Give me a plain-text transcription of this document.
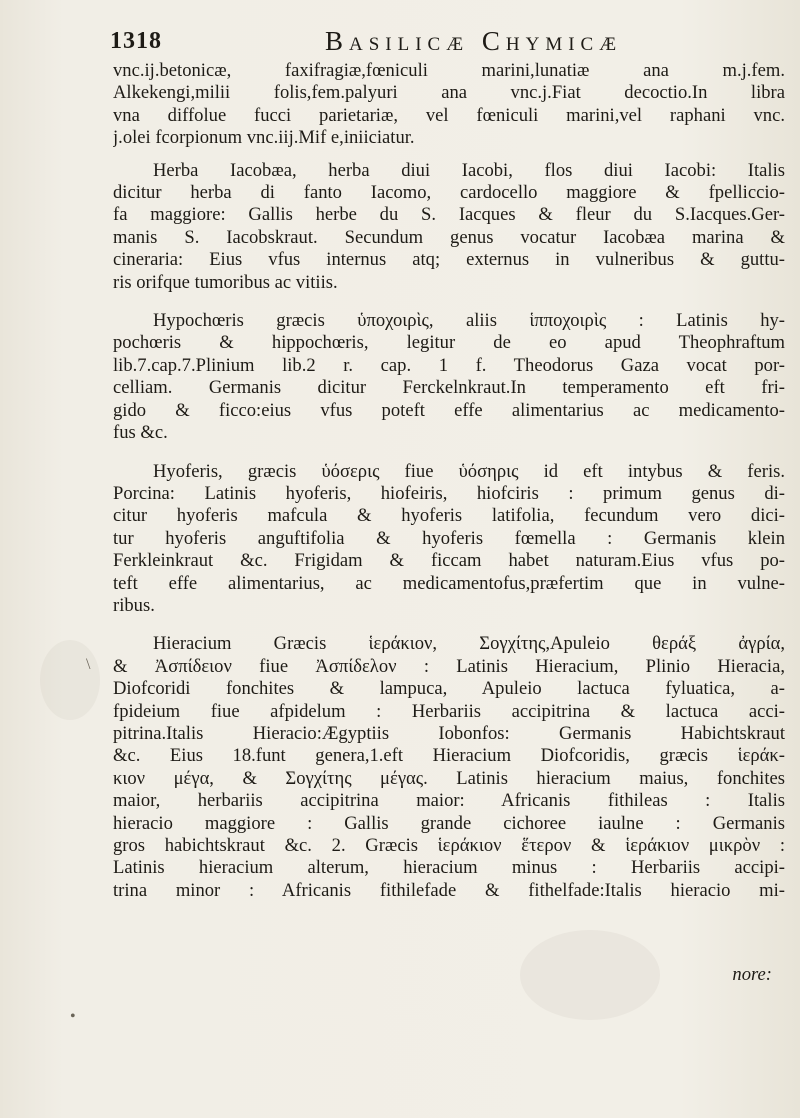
1318	Basilicæ Chymicæ

vnc.ij.betonicæ, faxifragiæ,fœniculi marini,lunatiæ ana m.j.fem.
Alkekengi,milii folis,fem.palyuri ana vnc.j.Fiat decoctio.In libra
vna diffolue fucci parietariæ, vel fœniculi marini,vel raphani vnc.
j.olei fcorpionum vnc.iij.Mif e,iniiciatur.

Herba Iacobæa, herba diui Iacobi, flos diui Iacobi: Italis
dicitur herba di fanto Iacomo, cardocello maggiore & fpelliccio-
fa maggiore: Gallis herbe du S. Iacques & fleur du S.Iacques.Ger-
manis S. Iacobskraut. Secundum genus vocatur Iacobæa marina &
cineraria: Eius vfus internus atq; externus in vulneribus & guttu-
ris orifque tumoribus ac vitiis.

Hypochœris græcis ὑποχοιρὶς, aliis ἱπποχοιρὶς : Latinis hy-
pochœris & hippochœris, legitur de eo apud Theophraftum
lib.7.cap.7.Plinium lib.2 r. cap. 1 f. Theodorus Gaza vocat por-
celliam. Germanis dicitur Ferckelnkraut.In temperamento eft fri-
gido & ficco:eius vfus poteft effe alimentarius ac medicamento-
fus &c.

Hyoferis, græcis ὑόσερις fiue ὑόσηρις id eft intybus & feris.
Porcina: Latinis hyoferis, hiofeiris, hiofciris : primum genus di-
citur hyoferis mafcula & hyoferis latifolia, fecundum vero dici-
tur hyoferis anguftifolia & hyoferis fœmella : Germanis klein
Ferkleinkraut &c. Frigidam & ficcam habet naturam.Eius vfus po-
teft effe alimentarius, ac medicamentofus,præfertim que in vulne-
ribus.

Hieracium Græcis ἱεράκιον, Σογχίτης,Apuleio θεράξ ἀγρία,
& Ἀσπίδειον fiue Ἀσπίδελον : Latinis Hieracium, Plinio Hieracia,
Diofcoridi fonchites & lampuca, Apuleio lactuca fyluatica, a-
fpideium fiue afpidelum : Herbariis accipitrina & lactuca acci-
pitrina.Italis Hieracio:Ægyptiis Iobonfos: Germanis Habichtskraut
&c. Eius 18.funt genera,1.eft Hieracium Diofcoridis, græcis ἱεράκ-
κιον μέγα, & Σογχίτης μέγας. Latinis hieracium maius, fonchites
maior, herbariis accipitrina maior: Africanis fithileas : Italis
hieracio maggiore : Gallis grande cichoree iaulne : Germanis
gros habichtskraut &c. 2. Græcis ἱεράκιον ἕτερον & ἱεράκιον μικρὸν :
Latinis hieracium alterum, hieracium minus : Herbariis accipi-
trina minor : Africanis fithilefade & fithelfade:Italis hieracio mi-

nore:
\
•
